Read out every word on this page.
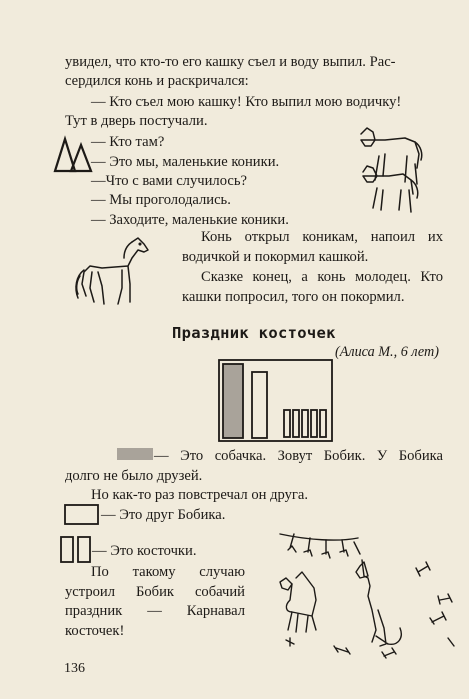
увидел, что кто-то его кашку съел и воду выпил. Рас-
сердился конь и раскричался:
— Кто съел мою кашку! Кто выпил мою водичку!
Тут в дверь постучали.
— Кто там?
— Это мы, маленькие коники.
—Что с вами случилось?
— Мы проголодались.
— Заходите, маленькие коники.
Конь открыл коникам, напоил их
водичкой и покормил кашкой.
Сказке конец, а конь молодец. Кто
кашки попросил, того он покормил.
Праздник косточек
(Алиса М., 6 лет)
— Это собачка. Зовут Бобик. У Бобика
долго не было друзей.
Но как-то раз повстречал он друга.
— Это друг Бобика.
— Это косточки.
По такому случаю
устроил Бобик собачий
праздник — Карнавал
косточек!
136
